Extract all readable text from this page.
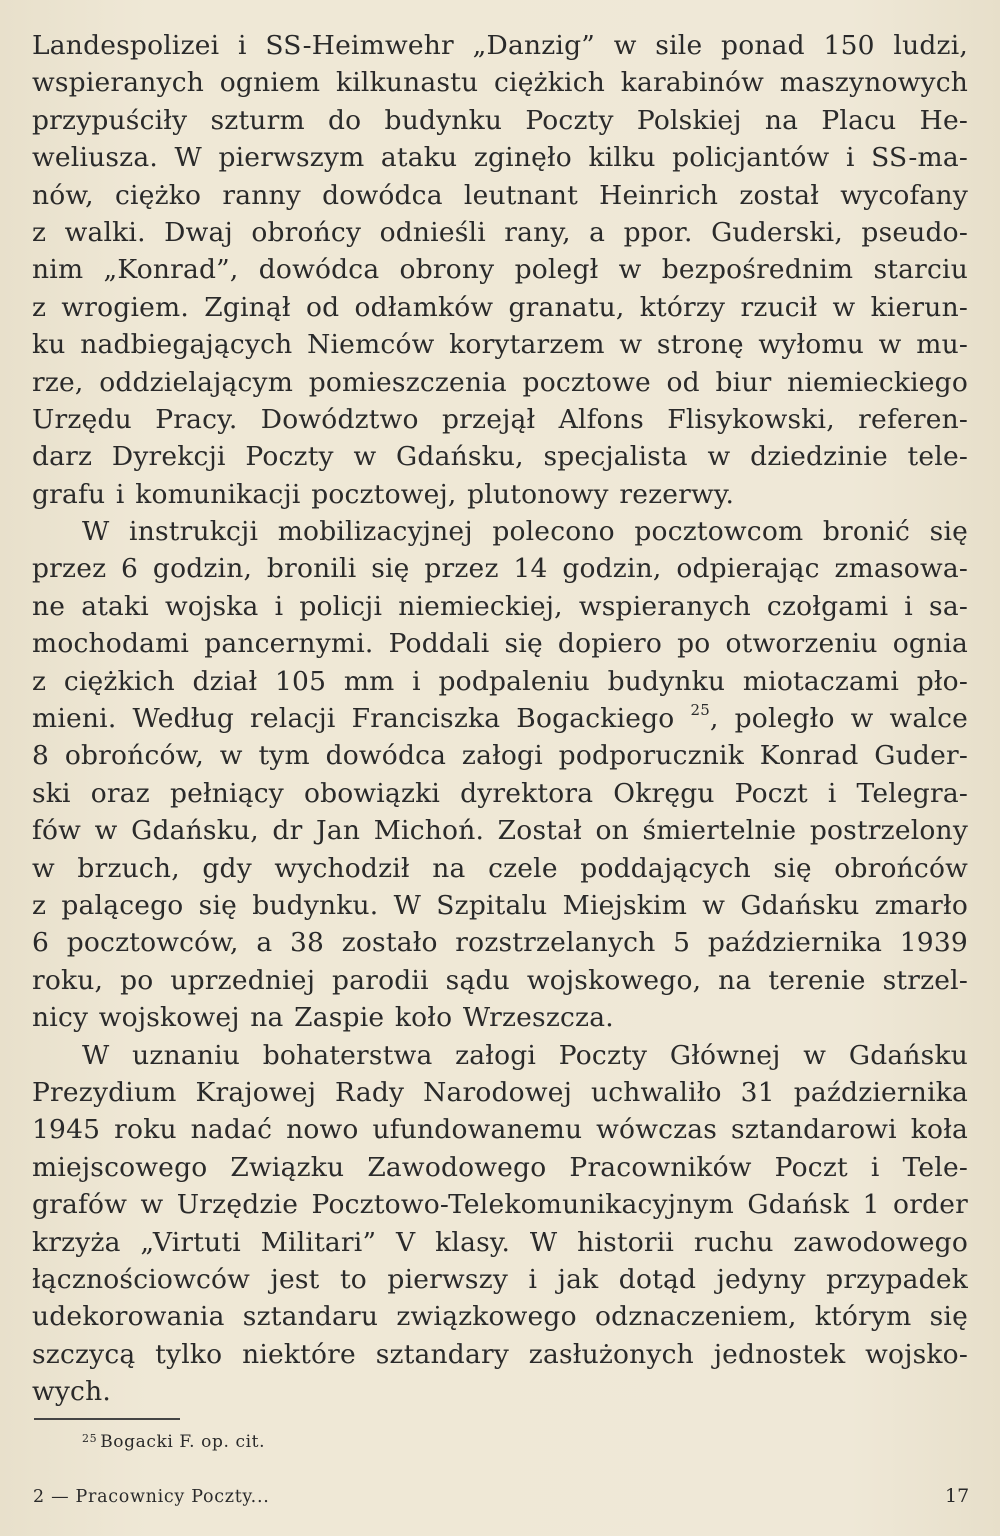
Landespolizei i SS-Heimwehr „Danzig” w sile ponad 150 ludzi,
wspieranych ogniem kilkunastu ciężkich karabinów maszynowych
przypuściły szturm do budynku Poczty Polskiej na Placu He-
weliusza. W pierwszym ataku zginęło kilku policjantów i SS-ma-
nów, ciężko ranny dowódca leutnant Heinrich został wycofany
z walki. Dwaj obrońcy odnieśli rany, a ppor. Guderski, pseudo-
nim „Konrad”, dowódca obrony poległ w bezpośrednim starciu
z wrogiem. Zginął od odłamków granatu, którzy rzucił w kierun-
ku nadbiegających Niemców korytarzem w stronę wyłomu w mu-
rze, oddzielającym pomieszczenia pocztowe od biur niemieckiego
Urzędu Pracy. Dowództwo przejął Alfons Flisykowski, referen-
darz Dyrekcji Poczty w Gdańsku, specjalista w dziedzinie tele-
grafu i komunikacji pocztowej, plutonowy rezerwy.
W instrukcji mobilizacyjnej polecono pocztowcom bronić się
przez 6 godzin, bronili się przez 14 godzin, odpierając zmasowa-
ne ataki wojska i policji niemieckiej, wspieranych czołgami i sa-
mochodami pancernymi. Poddali się dopiero po otworzeniu ognia
z ciężkich dział 105 mm i podpaleniu budynku miotaczami pło-
mieni. Według relacji Franciszka Bogackiego $^{25}$, poległo w walce
8 obrońców, w tym dowódca załogi podporucznik Konrad Guder-
ski oraz pełniący obowiązki dyrektora Okręgu Poczt i Telegra-
fów w Gdańsku, dr Jan Michoń. Został on śmiertelnie postrzelony
w brzuch, gdy wychodził na czele poddających się obrońców
z palącego się budynku. W Szpitalu Miejskim w Gdańsku zmarło
6 pocztowców, a 38 zostało rozstrzelanych 5 października 1939
roku, po uprzedniej parodii sądu wojskowego, na terenie strzel-
nicy wojskowej na Zaspie koło Wrzeszcza.
W uznaniu bohaterstwa załogi Poczty Głównej w Gdańsku
Prezydium Krajowej Rady Narodowej uchwaliło 31 października
1945 roku nadać nowo ufundowanemu wówczas sztandarowi koła
miejscowego Związku Zawodowego Pracowników Poczt i Tele-
grafów w Urzędzie Pocztowo-Telekomunikacyjnym Gdańsk 1 order
krzyża „Virtuti Militari” V klasy. W historii ruchu zawodowego
łącznościowców jest to pierwszy i jak dotąd jedyny przypadek
udekorowania sztandaru związkowego odznaczeniem, którym się
szczycą tylko niektóre sztandary zasłużonych jednostek wojsko-
wych.
$^{25}$ Bogacki F. op. cit.
2 — Pracownicy Poczty...	17
